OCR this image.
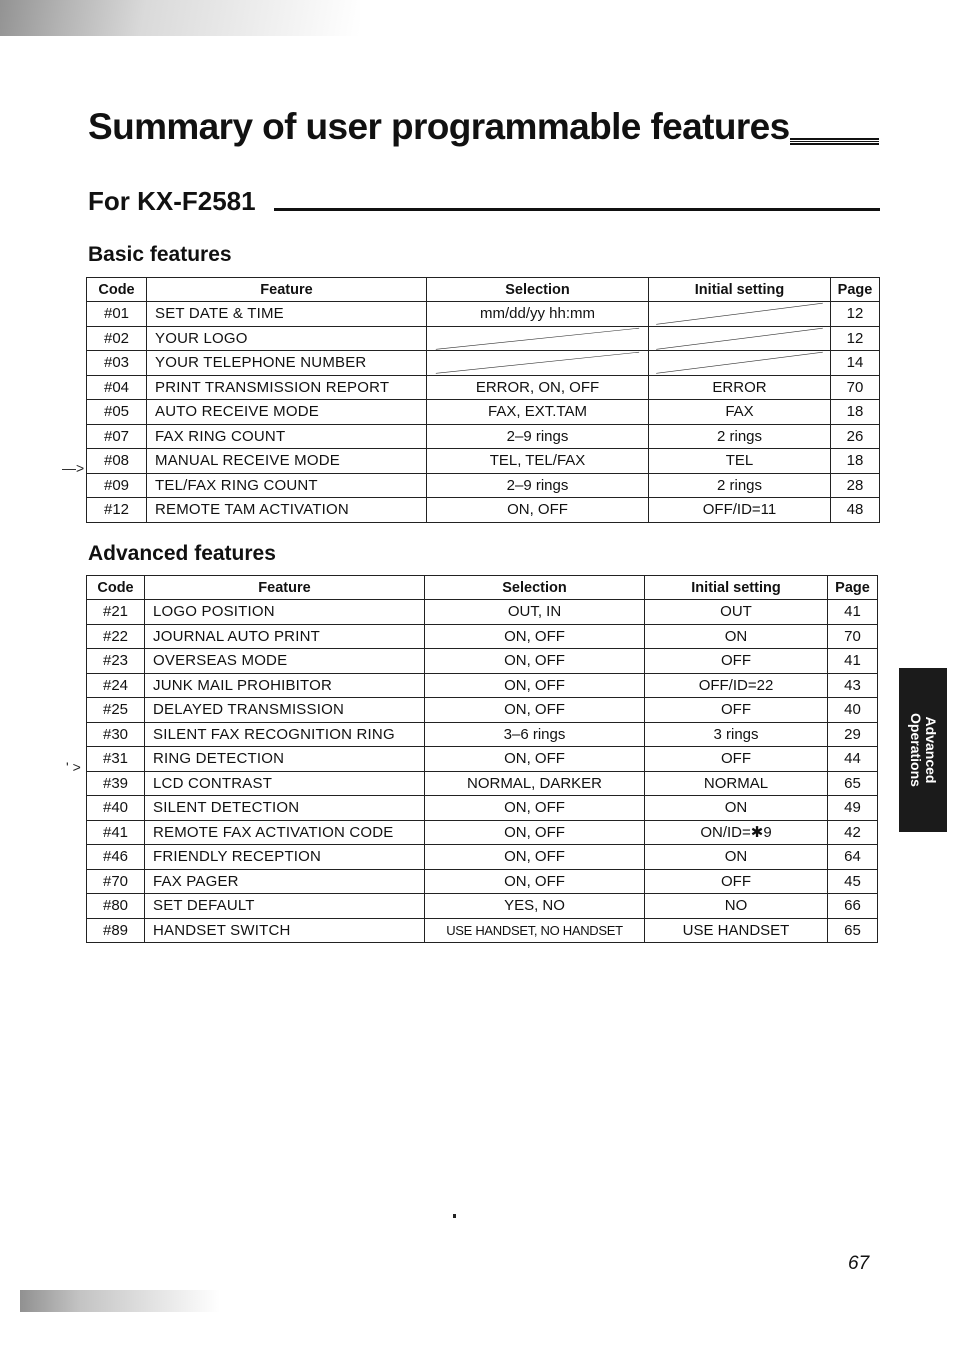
Summary of user programmable features
For KX-F2581
Basic features
Code	Feature	Selection	Initial setting	Page
#01	SET DATE & TIME	mm/dd/yy hh:mm		12
#02	YOUR LOGO			12
#03	YOUR TELEPHONE NUMBER			14
#04	PRINT TRANSMISSION REPORT	ERROR, ON, OFF	ERROR	70
#05	AUTO RECEIVE MODE	FAX, EXT.TAM	FAX	18
#07	FAX RING COUNT	2–9 rings	2 rings	26
#08	MANUAL RECEIVE MODE	TEL, TEL/FAX	TEL	18
#09	TEL/FAX RING COUNT	2–9 rings	2 rings	28
#12	REMOTE TAM ACTIVATION	ON, OFF	OFF/ID=11	48
Advanced features
Code	Feature	Selection	Initial setting	Page
#21	LOGO POSITION	OUT, IN	OUT	41
#22	JOURNAL AUTO PRINT	ON, OFF	ON	70
#23	OVERSEAS MODE	ON, OFF	OFF	41
#24	JUNK MAIL PROHIBITOR	ON, OFF	OFF/ID=22	43
#25	DELAYED TRANSMISSION	ON, OFF	OFF	40
#30	SILENT FAX RECOGNITION RING	3–6 rings	3 rings	29
#31	RING DETECTION	ON, OFF	OFF	44
#39	LCD CONTRAST	NORMAL, DARKER	NORMAL	65
#40	SILENT DETECTION	ON, OFF	ON	49
#41	REMOTE FAX ACTIVATION CODE	ON, OFF	ON/ID=✱9	42
#46	FRIENDLY RECEPTION	ON, OFF	ON	64
#70	FAX PAGER	ON, OFF	OFF	45
#80	SET DEFAULT	YES, NO	NO	66
#89	HANDSET SWITCH	USE HANDSET, NO HANDSET	USE HANDSET	65
—>
' >	Advanced
Operations
67
